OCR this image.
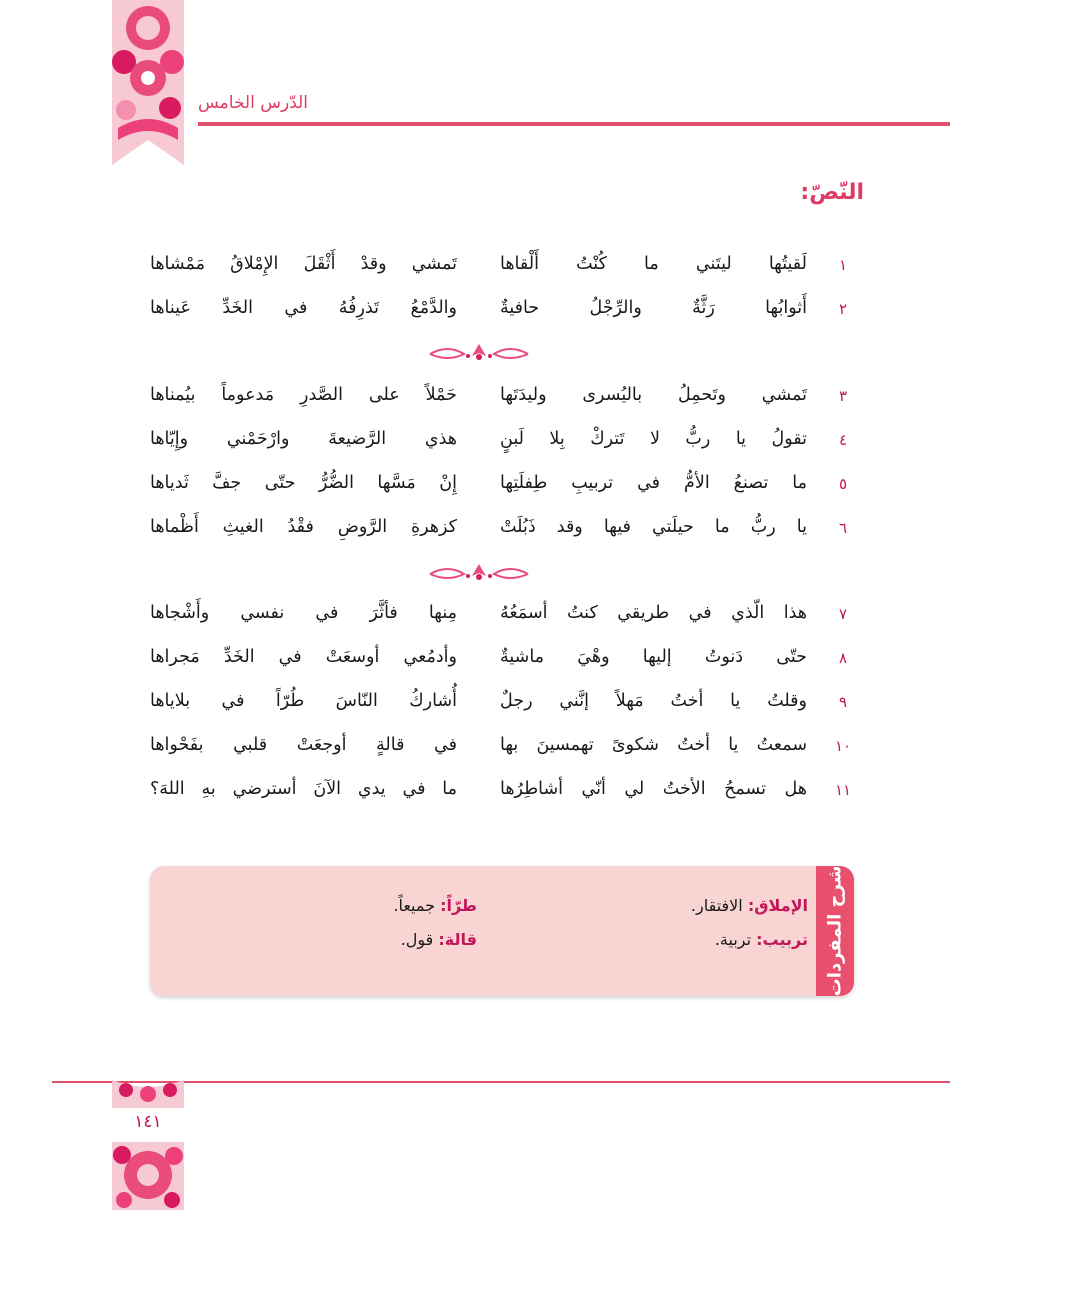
الدّرس الخامس
النّصّ:
١
لَقيتُها ليتَني ما كُنْتُ أَلْقاها
تَمشي وقدْ أَثْقَلَ الإِمْلاقُ مَمْشاها
٢
أَثوابُها رَثَّةٌ والرِّجْلُ حافيةٌ
والدَّمْعُ تَذرِفُهُ في الخَدِّ عَيناها
٣
تَمشي وتَحمِلُ باليُسرى وليدَتَها
حَمْلاً على الصَّدرِ مَدعوماً بيُمناها
٤
تقولُ يا ربُّ لا تَتركْ بِلا لَبنٍ
هذي الرَّضيعةَ وارْحَمْني وإِيّاها
٥
ما تصنعُ الأمُّ في تربيبِ طِفلَتِها
إِنْ مَسَّها الضُّرُّ حتّى جفَّ ثَدياها
٦
يا ربُّ ما حيلَتي فيها وقد ذَبُلَتْ
كزهرةِ الرَّوضِ فقْدُ الغيثِ أَظْماها
٧
هذا الّذي في طريقي كنتُ أسمَعُهُ
مِنها فأثَّرَ في نفسي وأَشْجاها
٨
حتّى دَنوتُ إليها وهْيَ ماشيةٌ
وأدمُعي أوسعَتْ في الخَدِّ مَجراها
٩
وقلتُ يا أختُ مَهلاً إنَّني رجلٌ
أُشاركُ النّاسَ طُرّاً في بلاياها
١٠
سمعتُ يا أختُ شكوىً تهمسينَ بها
في قالةٍ أوجعَتْ قلبي بفَحْواها
١١
هل تسمحُ الأختُ لي أنّي أشاطِرُها
ما في يدي الآنَ أسترضي بهِ اللهَ؟
شرح المفردات
الإملاق: الافتقار.
تربيب: تربية.
طرّاً: جميعاً.
قالة: قول.
١٤١
